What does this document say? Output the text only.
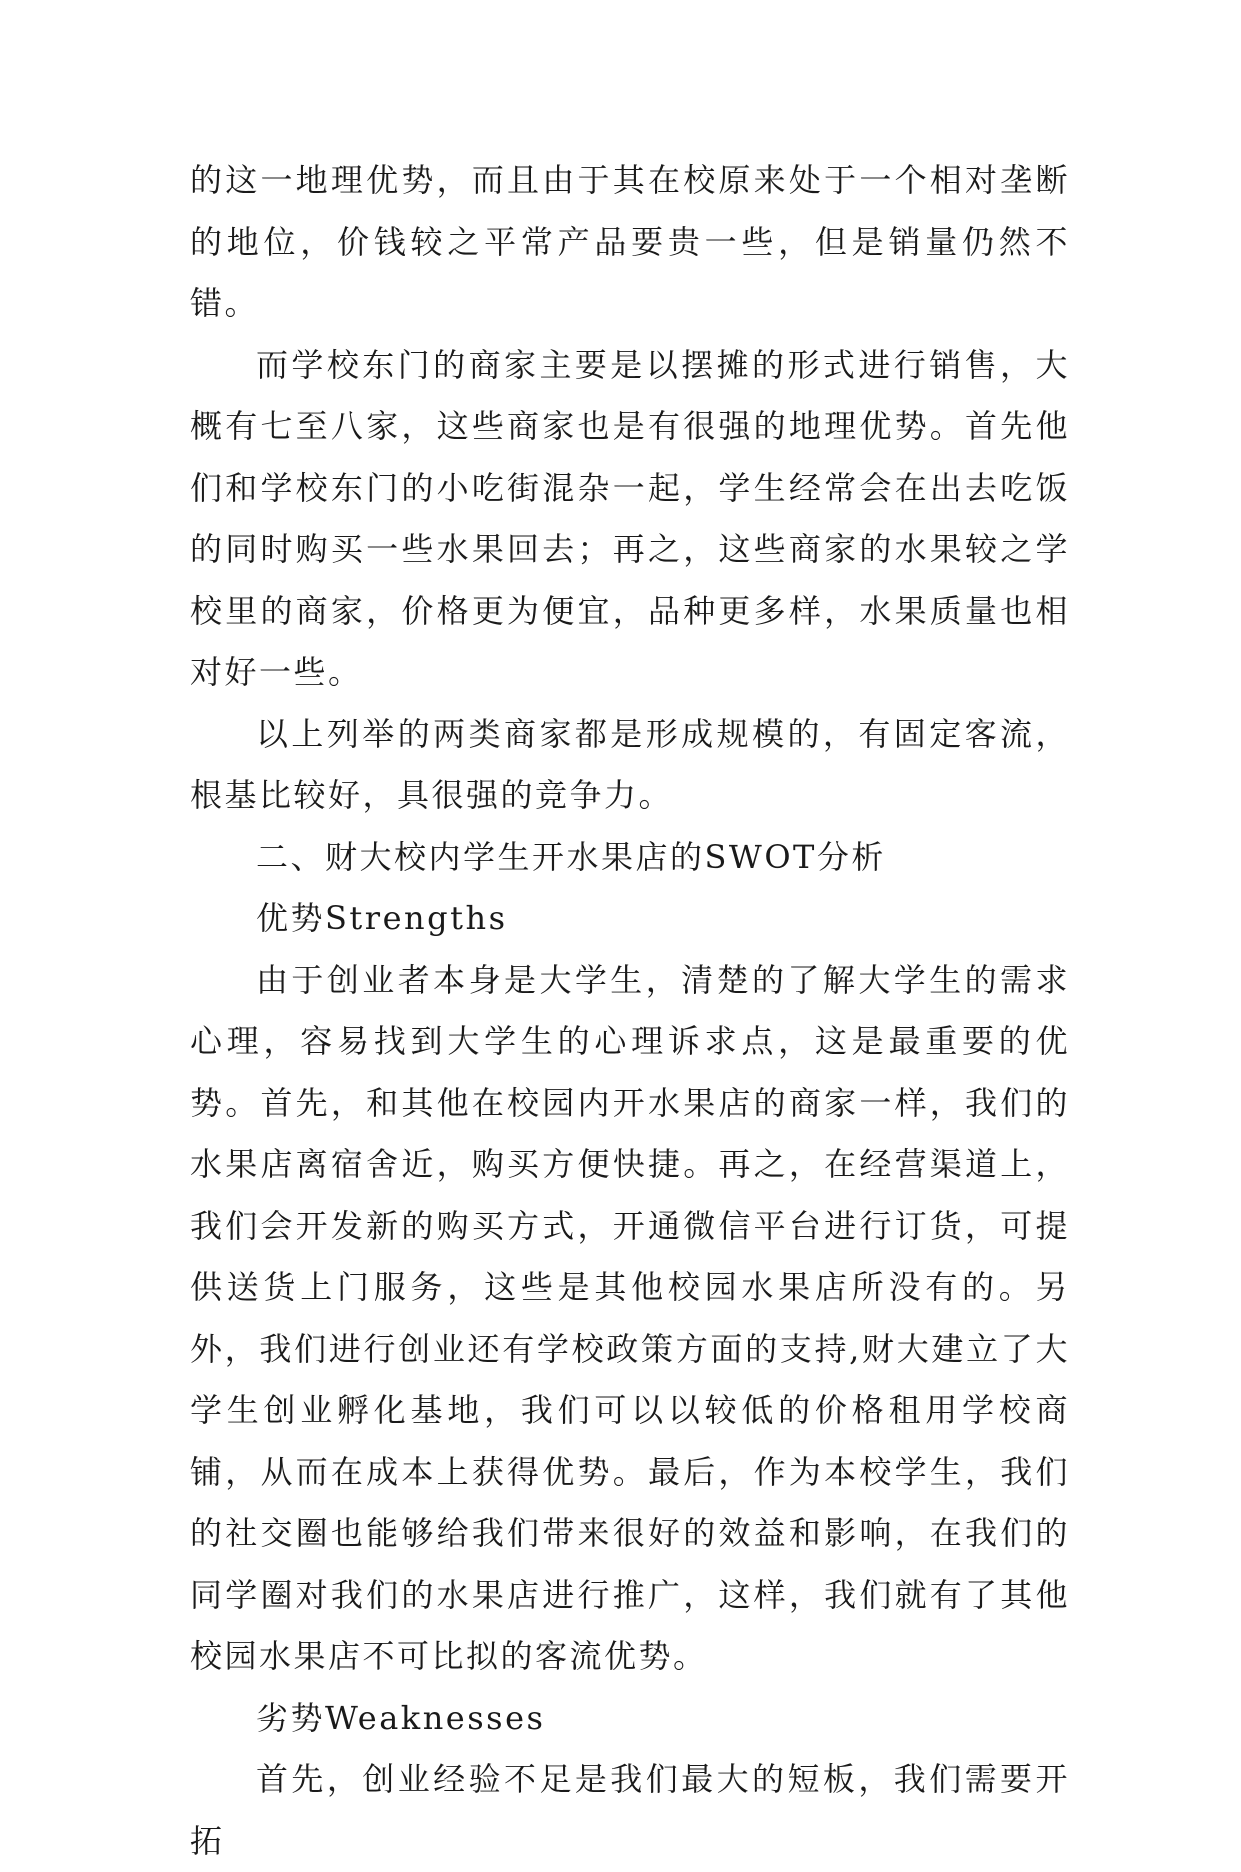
的这一地理优势，而且由于其在校原来处于一个相对垄断的地位，价钱较之平常产品要贵一些，但是销量仍然不错。

而学校东门的商家主要是以摆摊的形式进行销售，大概有七至八家，这些商家也是有很强的地理优势。首先他们和学校东门的小吃街混杂一起，学生经常会在出去吃饭的同时购买一些水果回去；再之，这些商家的水果较之学校里的商家，价格更为便宜，品种更多样，水果质量也相对好一些。

以上列举的两类商家都是形成规模的，有固定客流，根基比较好，具很强的竞争力。

二、财大校内学生开水果店的SWOT分析

优势Strengths

由于创业者本身是大学生，清楚的了解大学生的需求心理，容易找到大学生的心理诉求点，这是最重要的优势。首先，和其他在校园内开水果店的商家一样，我们的水果店离宿舍近，购买方便快捷。再之，在经营渠道上，我们会开发新的购买方式，开通微信平台进行订货，可提供送货上门服务，这些是其他校园水果店所没有的。另外，我们进行创业还有学校政策方面的支持,财大建立了大学生创业孵化基地，我们可以以较低的价格租用学校商铺，从而在成本上获得优势。最后，作为本校学生，我们的社交圈也能够给我们带来很好的效益和影响，在我们的同学圈对我们的水果店进行推广，这样，我们就有了其他校园水果店不可比拟的客流优势。

劣势Weaknesses

首先，创业经验不足是我们最大的短板，我们需要开拓
